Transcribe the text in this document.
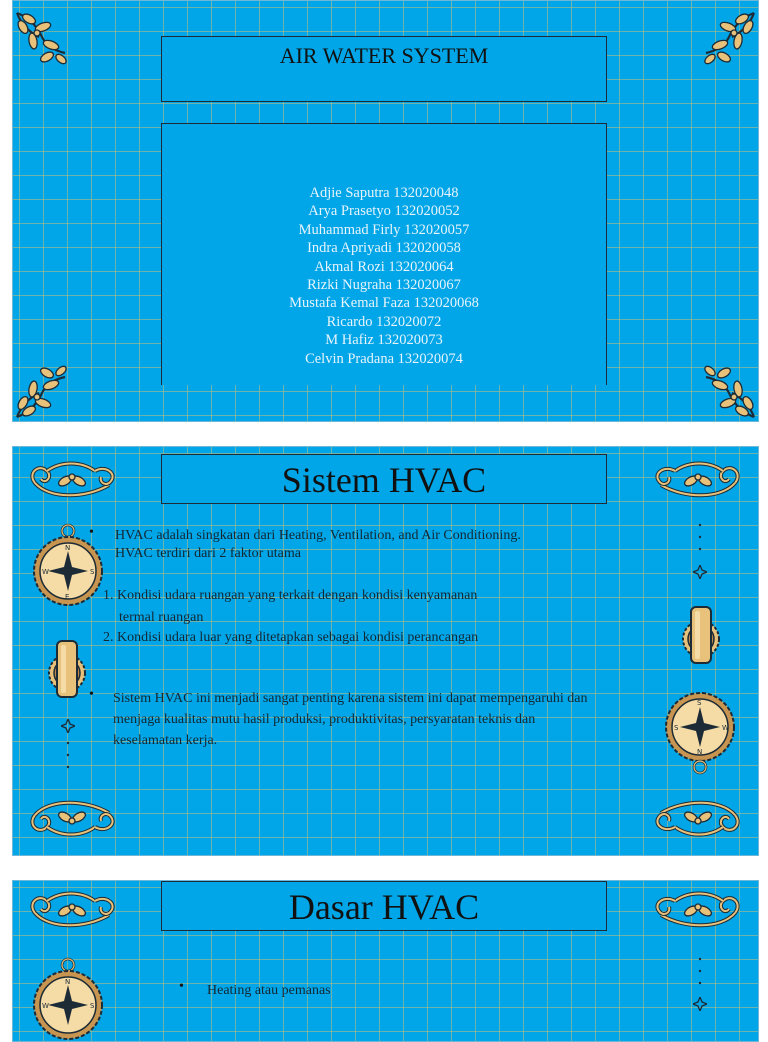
AIR WATER SYSTEM
Adjie Saputra 132020048
Arya Prasetyo 132020052
Muhammad Firly 132020057
Indra Apriyadi 132020058
Akmal Rozi 132020064
Rizki Nugraha 132020067
Mustafa Kemal Faza 132020068
Ricardo 132020072
M Hafiz 132020073
Celvin Pradana 132020074
N
E
S
W
S
N
S	W
Sistem HVAC
• HVAC adalah singkatan dari Heating, Ventilation, and Air Conditioning.
HVAC terdiri dari 2 faktor utama
1. Kondisi udara ruangan yang terkait dengan kondisi kenyamanan
termal ruangan
2. Kondisi udara luar yang ditetapkan sebagai kondisi perancangan
• Sistem HVAC ini menjadi sangat penting karena sistem ini dapat mempengaruhi dan
menjaga kualitas mutu hasil produksi, produktivitas, persyaratan teknis dan
keselamatan kerja.
N
S
W
Dasar HVAC
• Heating atau pemanas
